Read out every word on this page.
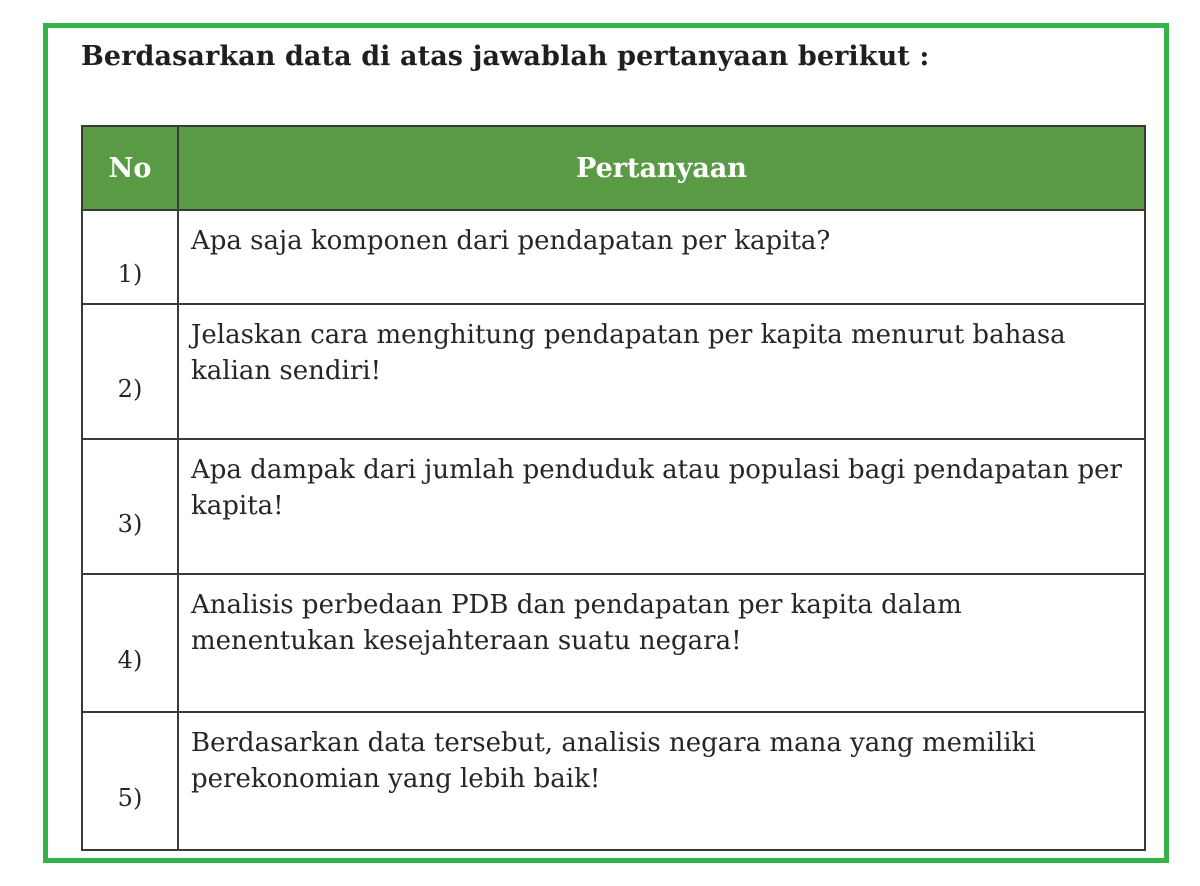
Berdasarkan data di atas jawablah pertanyaan berikut :
No	Pertanyaan
1)	Apa saja komponen dari pendapatan per kapita?
2)	Jelaskan cara menghitung pendapatan per kapita menurut bahasa kalian sendiri!
3)	Apa dampak dari jumlah penduduk atau populasi bagi pendapatan per kapita!
4)	Analisis perbedaan PDB dan pendapatan per kapita dalam menentukan kesejahteraan suatu negara!
5)	Berdasarkan data tersebut, analisis negara mana yang memiliki perekonomian yang lebih baik!
